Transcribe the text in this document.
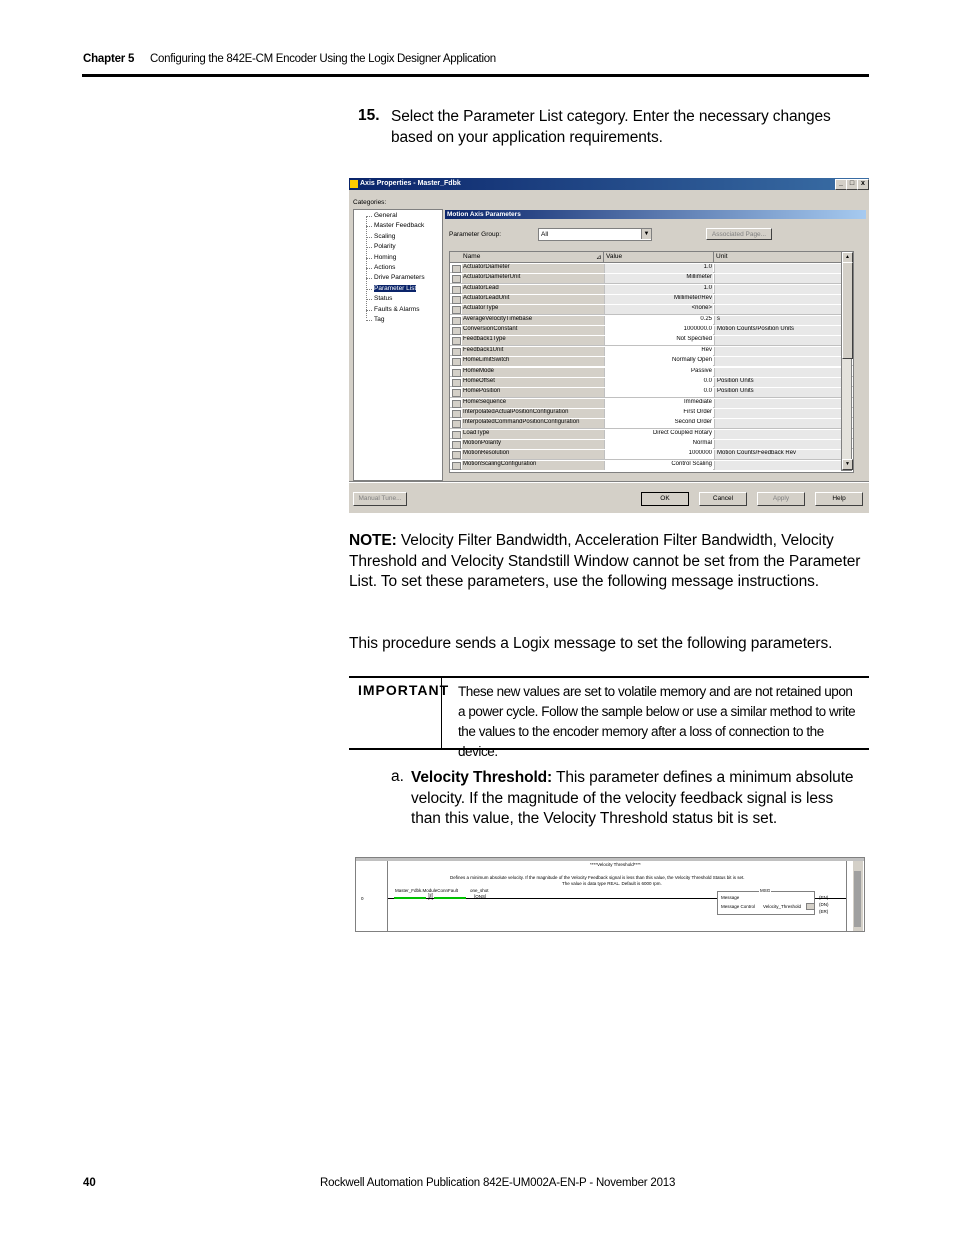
Chapter 5 Configuring the 842E-CM Encoder Using the Logix Designer Application
15. Select the Parameter List category. Enter the necessary changes based on your application requirements.
Axis Properties - Master_Fdbk	_ □ x
Categories:
General
Master Feedback
Scaling
Polarity
Homing
Actions
Drive Parameters
Parameter List
Status
Faults & Alarms
Tag
Motion Axis Parameters
Parameter Group:	All	▼	Associated Page...
Name	⊿ Value	Unit
ActuatorDiameter	1.0
ActuatorDiameterUnit	Millimeter
ActuatorLead	1.0
ActuatorLeadUnit	Millimeter/Rev
ActuatorType	<none>
AverageVelocityTimebase	0.25 s
ConversionConstant	1000000.0 Motion Counts/Position Units
Feedback1Type	Not Specified
Feedback1Unit	Rev
HomeLimitSwitch	Normally Open
HomeMode	Passive
HomeOffset	0.0 Position Units
HomePosition	0.0 Position Units
HomeSequence	Immediate
InterpolatedActualPositionConfiguration	First Order
InterpolatedCommandPositionConfiguration	Second Order
LoadType	Direct Coupled Rotary
MotionPolarity	Normal
MotionResolution	1000000 Motion Counts/Feedback Rev
MotionScalingConfiguration	Control Scaling
▲
▼
Manual Tune...	OK	Cancel	Apply	Help
NOTE: Velocity Filter Bandwidth, Acceleration Filter Bandwidth, Velocity Threshold and Velocity Standstill Window cannot be set from the Parameter List. To set these parameters, use the following message instructions.
This procedure sends a Logix message to set the following parameters.
IMPORTANT These new values are set to volatile memory and are not retained upon a power cycle. Follow the sample below or use a similar method to write the values to the encoder memory after a loss of connection to the device.
a. Velocity Threshold: This parameter defines a minimum absolute velocity. If the magnitude of the velocity feedback signal is less than this value, the Velocity Threshold status bit is set.
****Velocity Threshold****
Defines a minimum absolute velocity. If the magnitude of the Velocity Feedback signal is less than this value, the Velocity Threshold Status bit is set.
The value is data type REAL. Default is 6000 rpm.
0
Master_Fdbk.ModuleConnFault	one_shot
]/[	[ONS]
MSG
Message
Message Control Velocity_Threshold
(EN)
(DN)
(ER)
40	Rockwell Automation Publication 842E-UM002A-EN-P - November 2013
